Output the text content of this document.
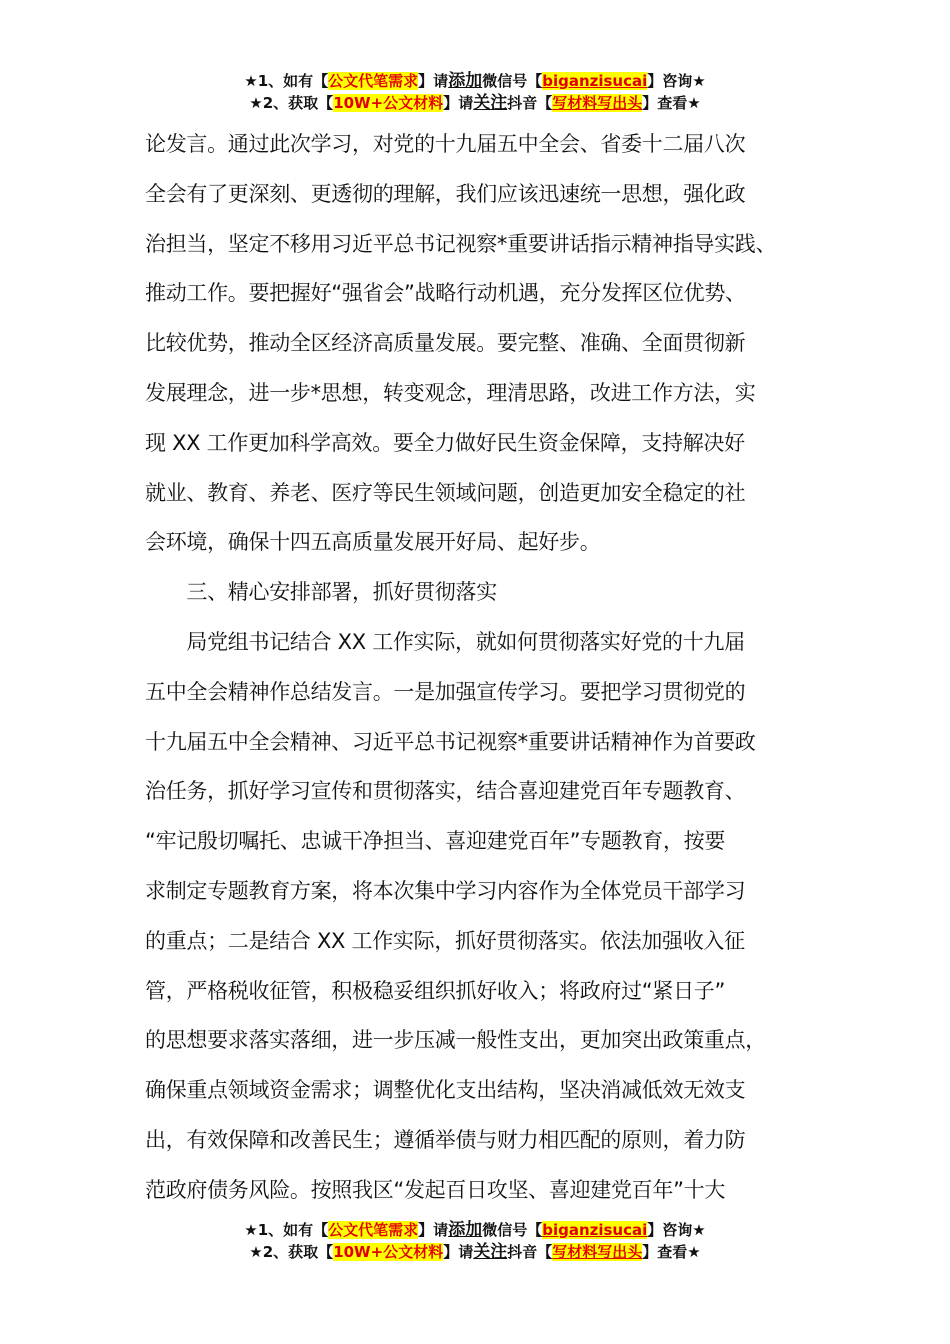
★1、如有【公文代笔需求】请添加微信号【biganzisucai】咨询★
★2、获取【10W+公文材料】请关注抖音【写材料写出头】查看★
论发言。通过此次学习，对党的十九届五中全会、省委十二届八次
全会有了更深刻、更透彻的理解，我们应该迅速统一思想，强化政
治担当，坚定不移用习近平总书记视察*重要讲话指示精神指导实践、
推动工作。要把握好“强省会”战略行动机遇，充分发挥区位优势、
比较优势，推动全区经济高质量发展。要完整、准确、全面贯彻新
发展理念，进一步*思想，转变观念，理清思路，改进工作方法，实
现 XX 工作更加科学高效。要全力做好民生资金保障，支持解决好
就业、教育、养老、医疗等民生领域问题，创造更加安全稳定的社
会环境，确保十四五高质量发展开好局、起好步。
　　三、精心安排部署，抓好贯彻落实
　　局党组书记结合 XX 工作实际，就如何贯彻落实好党的十九届
五中全会精神作总结发言。一是加强宣传学习。要把学习贯彻党的
十九届五中全会精神、习近平总书记视察*重要讲话精神作为首要政
治任务，抓好学习宣传和贯彻落实，结合喜迎建党百年专题教育、
“牢记殷切嘱托、忠诚干净担当、喜迎建党百年”专题教育，按要
求制定专题教育方案，将本次集中学习内容作为全体党员干部学习
的重点；二是结合 XX 工作实际，抓好贯彻落实。依法加强收入征
管，严格税收征管，积极稳妥组织抓好收入；将政府过“紧日子”
的思想要求落实落细，进一步压减一般性支出，更加突出政策重点，
确保重点领域资金需求；调整优化支出结构，坚决消减低效无效支
出，有效保障和改善民生；遵循举债与财力相匹配的原则，着力防
范政府债务风险。按照我区“发起百日攻坚、喜迎建党百年”十大
★1、如有【公文代笔需求】请添加微信号【biganzisucai】咨询★
★2、获取【10W+公文材料】请关注抖音【写材料写出头】查看★
